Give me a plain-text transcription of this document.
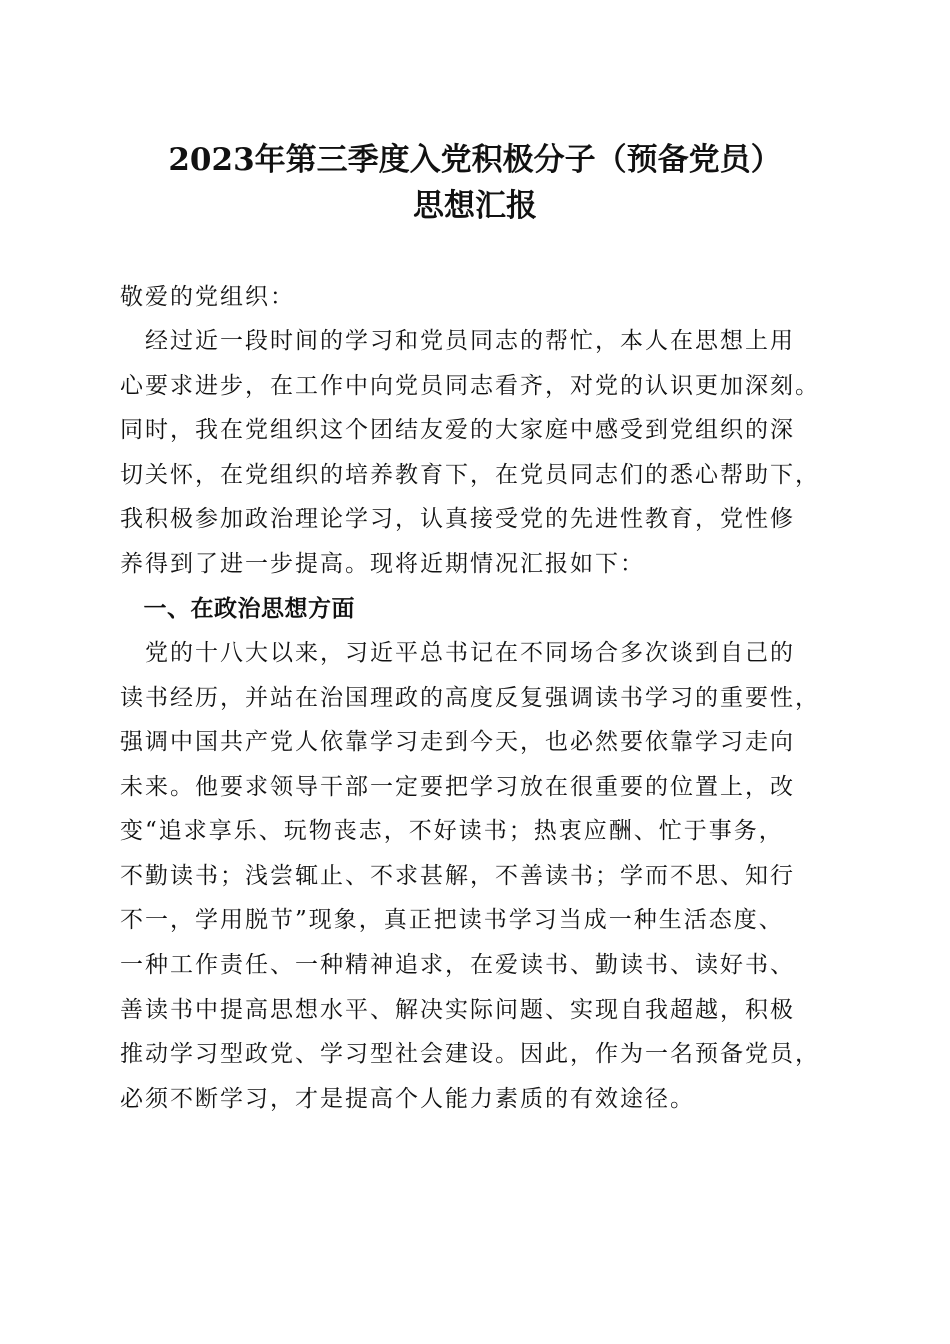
2023年第三季度入党积极分子（预备党员）
思想汇报
敬爱的党组织：
　经过近一段时间的学习和党员同志的帮忙，本人在思想上用
心要求进步，在工作中向党员同志看齐，对党的认识更加深刻。
同时，我在党组织这个团结友爱的大家庭中感受到党组织的深
切关怀，在党组织的培养教育下，在党员同志们的悉心帮助下，
我积极参加政治理论学习，认真接受党的先进性教育，党性修
养得到了进一步提高。现将近期情况汇报如下：
　一、在政治思想方面
　党的十八大以来，习近平总书记在不同场合多次谈到自己的
读书经历，并站在治国理政的高度反复强调读书学习的重要性，
强调中国共产党人依靠学习走到今天，也必然要依靠学习走向
未来。他要求领导干部一定要把学习放在很重要的位置上，改
变“追求享乐、玩物丧志，不好读书；热衷应酬、忙于事务，
不勤读书；浅尝辄止、不求甚解，不善读书；学而不思、知行
不一，学用脱节”现象，真正把读书学习当成一种生活态度、
一种工作责任、一种精神追求，在爱读书、勤读书、读好书、
善读书中提高思想水平、解决实际问题、实现自我超越，积极
推动学习型政党、学习型社会建设。因此，作为一名预备党员，
必须不断学习，才是提高个人能力素质的有效途径。
